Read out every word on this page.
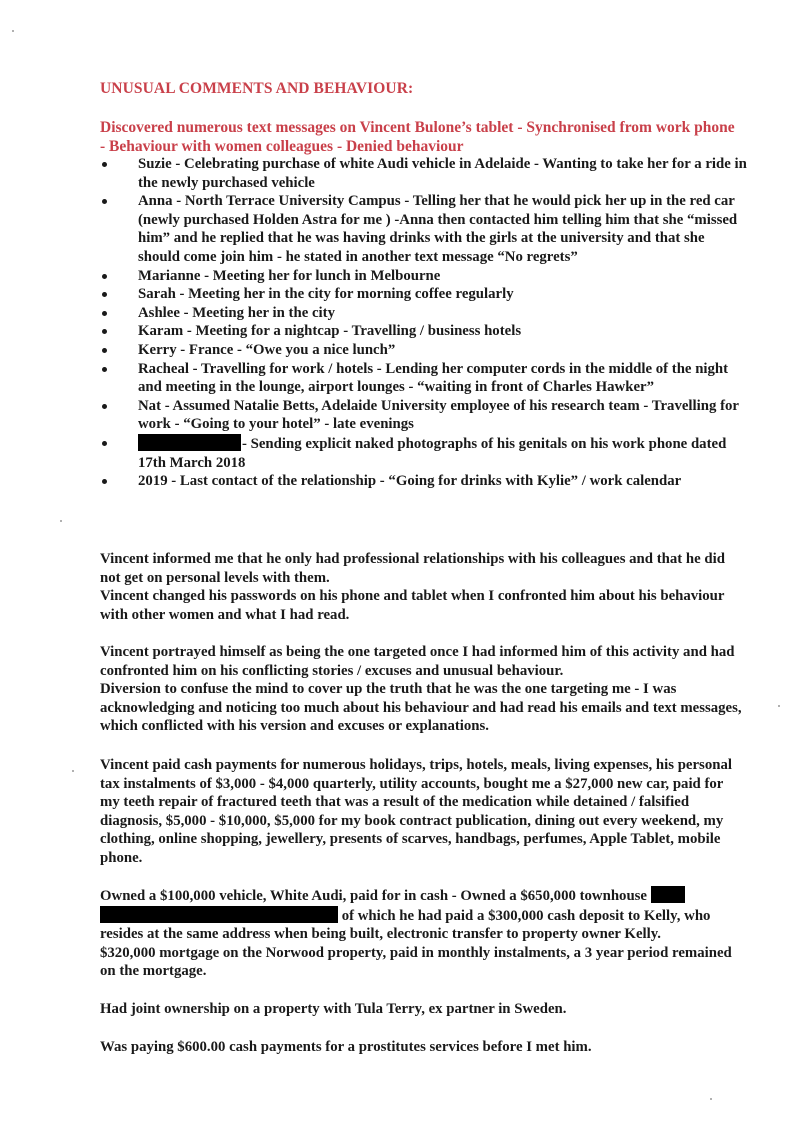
UNUSUAL COMMENTS AND BEHAVIOUR:
Discovered numerous text messages on Vincent Bulone’s tablet - Synchronised from work phone - Behaviour with women colleagues - Denied behaviour
Suzie - Celebrating purchase of white Audi vehicle in Adelaide - Wanting to take her for a ride in the newly purchased vehicle
Anna - North Terrace University Campus - Telling her that he would pick her up in the red car (newly purchased Holden Astra for me ) -Anna then contacted him telling him that she “missed him” and he replied that he was having drinks with the girls at the university and that she should come join him - he stated in another text message “No regrets”
Marianne - Meeting her for lunch in Melbourne
Sarah - Meeting her in the city for morning coffee regularly
Ashlee - Meeting her in the city
Karam - Meeting for a nightcap - Travelling / business hotels
Kerry - France - “Owe you a nice lunch”
Racheal - Travelling for work / hotels - Lending her computer cords in the middle of the night and meeting in the lounge, airport lounges - “waiting in front of Charles Hawker”
Nat - Assumed Natalie Betts, Adelaide University employee of his research team - Travelling for work - “Going to your hotel” - late evenings
- Sending explicit naked photographs of his genitals on his work phone dated 17th March 2018
2019 - Last contact of the relationship - “Going for drinks with Kylie” / work calendar

Vincent informed me that he only had professional relationships with his colleagues and that he did not get on personal levels with them.
Vincent changed his passwords on his phone and tablet when I confronted him about his behaviour with other women and what I had read.

Vincent portrayed himself as being the one targeted once I had informed him of this activity and had confronted him on his conflicting stories / excuses and unusual behaviour.
Diversion to confuse the mind to cover up the truth that he was the one targeting me - I was acknowledging and noticing too much about his behaviour and had read his emails and text messages, which conflicted with his version and excuses or explanations.

Vincent paid cash payments for numerous holidays, trips, hotels, meals, living expenses, his personal tax instalments of $3,000 - $4,000 quarterly, utility accounts, bought me a $27,000 new car, paid for my teeth repair of fractured teeth that was a result of the medication while detained / falsified diagnosis, $5,000 - $10,000, $5,000 for my book contract publication, dining out every weekend, my clothing, online shopping, jewellery, presents of scarves, handbags, perfumes, Apple Tablet, mobile phone.

Owned a $100,000 vehicle, White Audi, paid for in cash - Owned a $650,000 townhouse
of which he had paid a $300,000 cash deposit to Kelly, who resides at the same address when being built, electronic transfer to property owner Kelly.
$320,000 mortgage on the Norwood property, paid in monthly instalments, a 3 year period remained on the mortgage.

Had joint ownership on a property with Tula Terry, ex partner in Sweden.

Was paying $600.00 cash payments for a prostitutes services before I met him.
